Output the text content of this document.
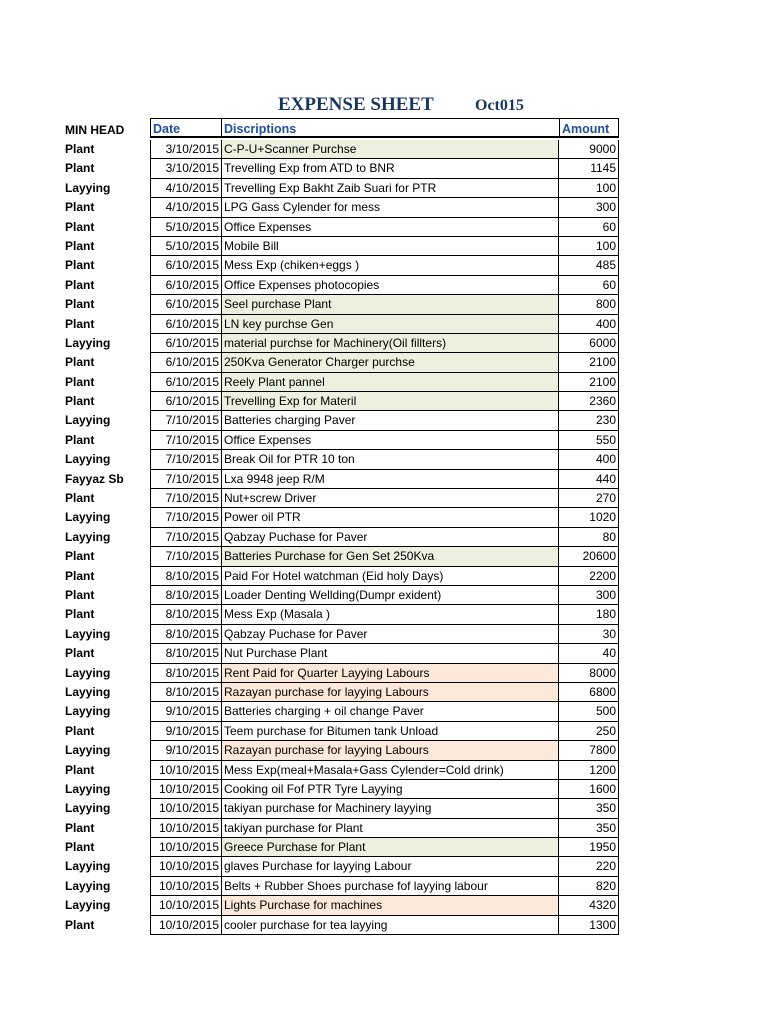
EXPENSE SHEET	Oct015
MIN HEAD Date	Discriptions	Amount
Plant	3/10/2015 C-P-U+Scanner Purchse	9000
Plant	3/10/2015 Trevelling Exp from ATD to BNR	1145
Layying	4/10/2015 Trevelling Exp Bakht Zaib Suari for PTR	100
Plant	4/10/2015 LPG Gass Cylender for mess	300
Plant	5/10/2015 Office Expenses	60
Plant	5/10/2015 Mobile Bill	100
Plant	6/10/2015 Mess Exp (chiken+eggs )	485
Plant	6/10/2015 Office Expenses photocopies	60
Plant	6/10/2015 Seel purchase Plant	800
Plant	6/10/2015 LN key purchse Gen	400
Layying	6/10/2015 material purchse for Machinery(Oil fillters)	6000
Plant	6/10/2015 250Kva Generator Charger purchse	2100
Plant	6/10/2015 Reely Plant pannel	2100
Plant	6/10/2015 Trevelling Exp for Materil	2360
Layying	7/10/2015 Batteries charging Paver	230
Plant	7/10/2015 Office Expenses	550
Layying	7/10/2015 Break Oil for PTR 10 ton	400
Fayyaz Sb	7/10/2015 Lxa 9948 jeep R/M	440
Plant	7/10/2015 Nut+screw Driver	270
Layying	7/10/2015 Power oil PTR	1020
Layying	7/10/2015 Qabzay Puchase for Paver	80
Plant	7/10/2015 Batteries Purchase for Gen Set 250Kva	20600
Plant	8/10/2015 Paid For Hotel watchman (Eid holy Days)	2200
Plant	8/10/2015 Loader Denting Wellding(Dumpr exident)	300
Plant	8/10/2015 Mess Exp (Masala )	180
Layying	8/10/2015 Qabzay Puchase for Paver	30
Plant	8/10/2015 Nut Purchase Plant	40
Layying	8/10/2015 Rent Paid for Quarter Layying Labours	8000
Layying	8/10/2015 Razayan purchase for layying Labours	6800
Layying	9/10/2015 Batteries charging + oil change Paver	500
Plant	9/10/2015 Teem purchase for Bitumen tank Unload	250
Layying	9/10/2015 Razayan purchase for layying Labours	7800
Plant	10/10/2015 Mess Exp(meal+Masala+Gass Cylender=Cold drink)	1200
Layying	10/10/2015 Cooking oil Fof PTR Tyre Layying	1600
Layying	10/10/2015 takiyan purchase for Machinery layying	350
Plant	10/10/2015 takiyan purchase for Plant	350
Plant	10/10/2015 Greece Purchase for Plant	1950
Layying	10/10/2015 glaves Purchase for layying Labour	220
Layying	10/10/2015 Belts + Rubber Shoes purchase fof layying labour	820
Layying	10/10/2015 Lights Purchase for machines	4320
Plant	10/10/2015 cooler purchase for tea layying	1300
